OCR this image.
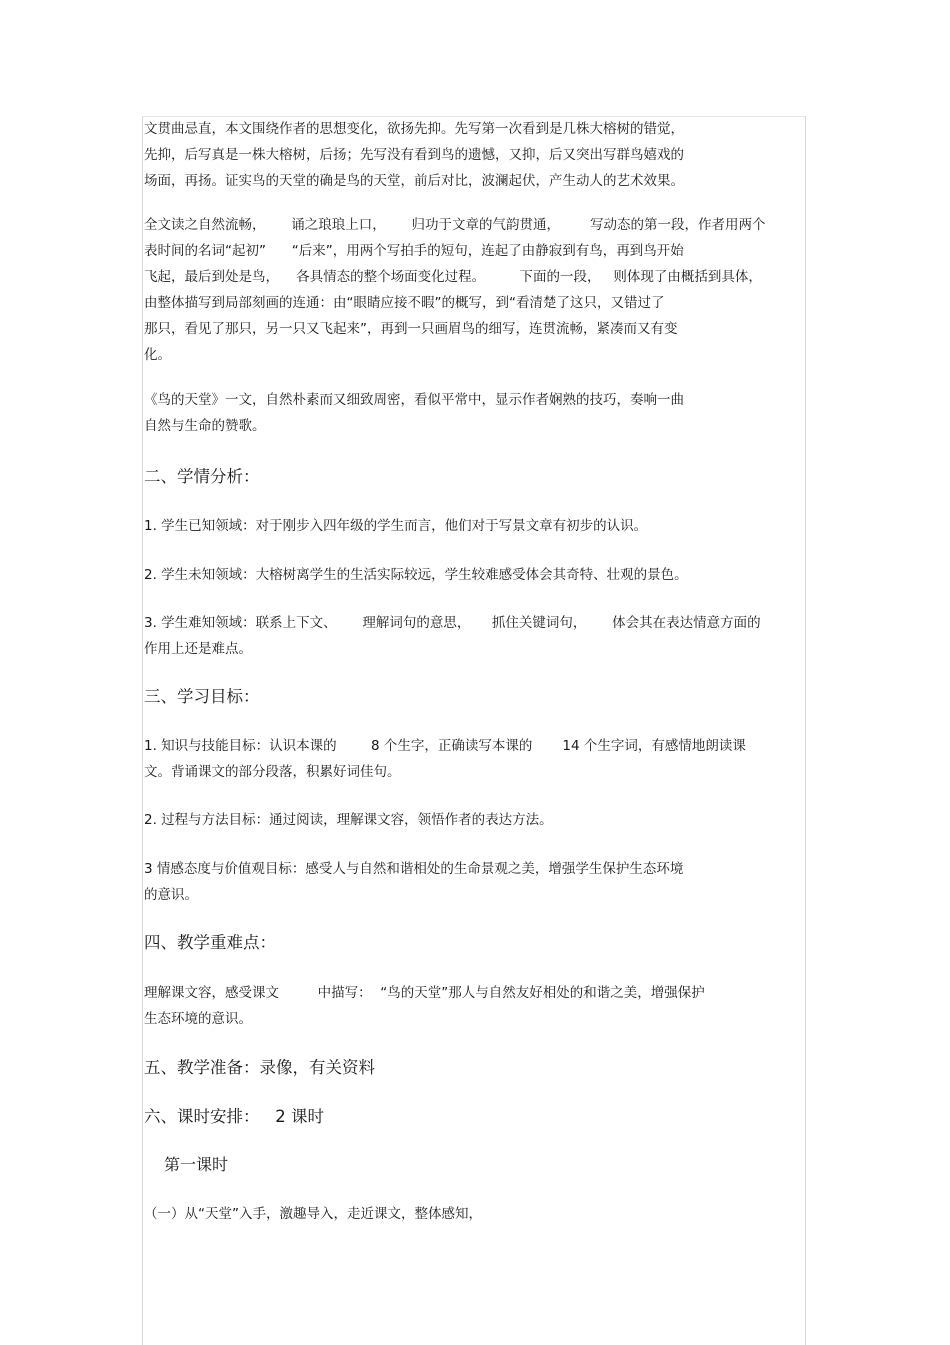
文贯曲忌直，本文围绕作者的思想变化，欲扬先抑。先写第一次看到是几株大榕树的错觉，
先抑，后写真是一株大榕树，后扬；先写没有看到鸟的遗憾，又抑，后又突出写群鸟嬉戏的
场面，再扬。证实鸟的天堂的确是鸟的天堂，前后对比，波澜起伏，产生动人的艺术效果。
全文读之自然流畅，      诵之琅琅上口，      归功于文章的气韵贯通，       写动态的第一段，作者用两个
表时间的名词“起初”      “后来”，用两个写拍手的短句，连起了由静寂到有鸟，再到鸟开始
飞起，最后到处是鸟，    各具情态的整个场面变化过程。        下面的一段，   则体现了由概括到具体，
由整体描写到局部刻画的连通：由“眼睛应接不暇”的概写，到“看清楚了这只，又错过了
那只，看见了那只，另一只又飞起来”，再到一只画眉鸟的细写，连贯流畅，紧凑而又有变
化。
《鸟的天堂》一文，自然朴素而又细致周密，看似平常中，显示作者娴熟的技巧，奏响一曲
自然与生命的赞歌。
二、学情分析：
1. 学生已知领域：对于刚步入四年级的学生而言，他们对于写景文章有初步的认识。
2. 学生未知领域：大榕树离学生的生活实际较远，学生较难感受体会其奇特、壮观的景色。
3. 学生难知领域：联系上下文、      理解词句的意思，     抓住关键词句，      体会其在表达情意方面的
作用上还是难点。
三、学习目标：
1. 知识与技能目标：认识本课的        8 个生字，正确读写本课的       14 个生字词，有感情地朗读课
文。背诵课文的部分段落，积累好词佳句。
2. 过程与方法目标：通过阅读，理解课文容，领悟作者的表达方法。
3 情感态度与价值观目标：感受人与自然和谐相处的生命景观之美，增强学生保护生态环境
的意识。
四、教学重难点：
理解课文容，感受课文         中描写：  “鸟的天堂”那人与自然友好相处的和谐之美，增强保护
生态环境的意识。
五、教学准备：录像，有关资料
六、课时安排：   2 课时
第一课时
（一）从“天堂”入手，激趣导入，走近课文，整体感知，
